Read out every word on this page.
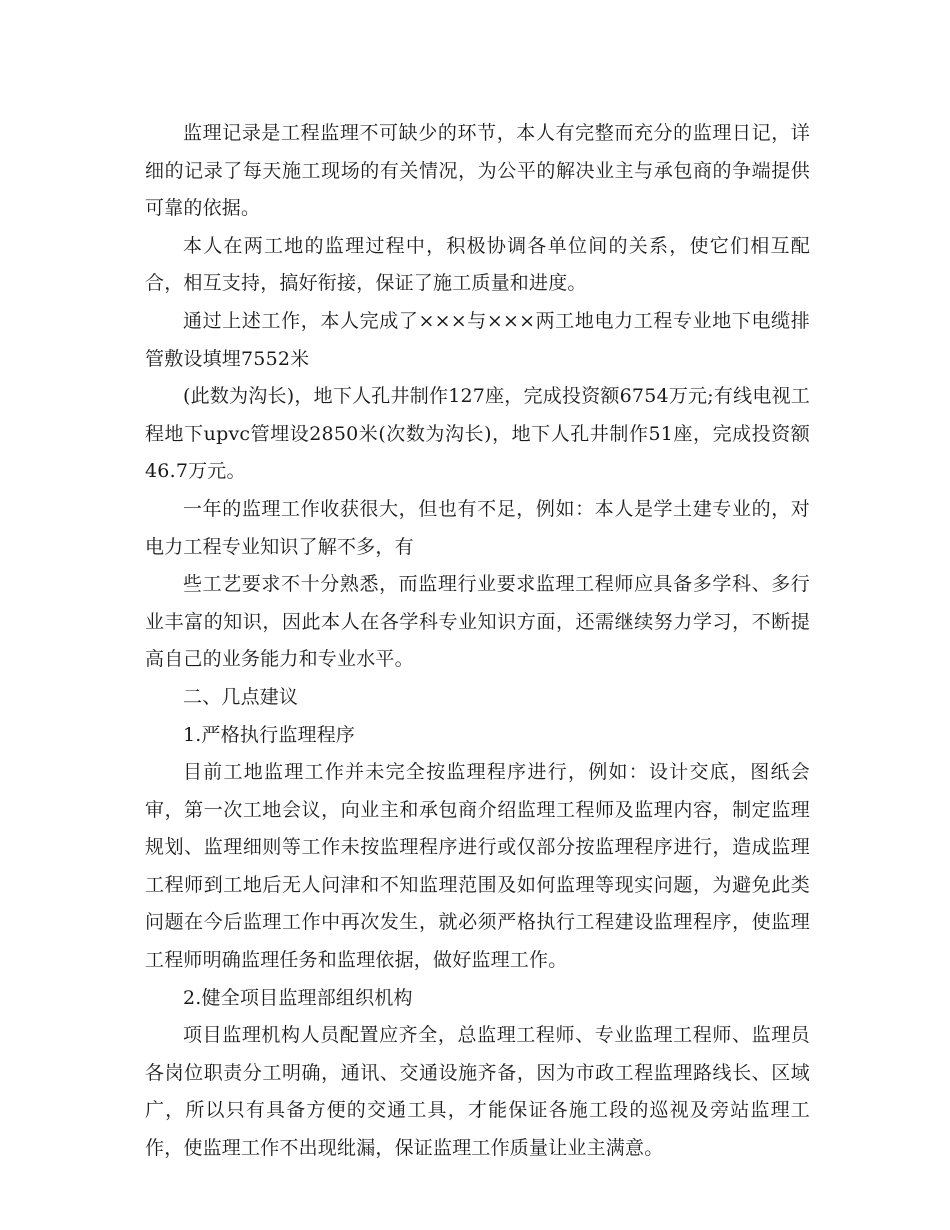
监理记录是工程监理不可缺少的环节，本人有完整而充分的监理日记，详细的记录了每天施工现场的有关情况，为公平的解决业主与承包商的争端提供可靠的依据。

本人在两工地的监理过程中，积极协调各单位间的关系，使它们相互配合，相互支持，搞好衔接，保证了施工质量和进度。

通过上述工作，本人完成了×××与×××两工地电力工程专业地下电缆排管敷设填埋7552米

(此数为沟长)，地下人孔井制作127座，完成投资额6754万元;有线电视工程地下upvc管埋设2850米(次数为沟长)，地下人孔井制作51座，完成投资额46.7万元。

一年的监理工作收获很大，但也有不足，例如：本人是学土建专业的，对电力工程专业知识了解不多，有

些工艺要求不十分熟悉，而监理行业要求监理工程师应具备多学科、多行业丰富的知识，因此本人在各学科专业知识方面，还需继续努力学习，不断提高自己的业务能力和专业水平。

二、几点建议

1.严格执行监理程序

目前工地监理工作并未完全按监理程序进行，例如：设计交底，图纸会审，第一次工地会议，向业主和承包商介绍监理工程师及监理内容，制定监理规划、监理细则等工作未按监理程序进行或仅部分按监理程序进行，造成监理工程师到工地后无人问津和不知监理范围及如何监理等现实问题，为避免此类问题在今后监理工作中再次发生，就必须严格执行工程建设监理程序，使监理工程师明确监理任务和监理依据，做好监理工作。

2.健全项目监理部组织机构

项目监理机构人员配置应齐全，总监理工程师、专业监理工程师、监理员各岗位职责分工明确，通讯、交通设施齐备，因为市政工程监理路线长、区域广，所以只有具备方便的交通工具，才能保证各施工段的巡视及旁站监理工作，使监理工作不出现纰漏，保证监理工作质量让业主满意。
